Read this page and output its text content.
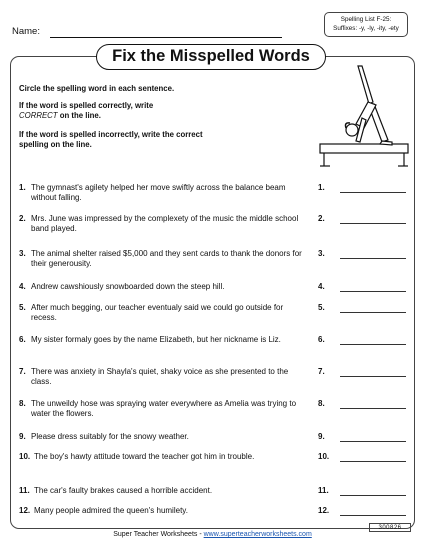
Name:
Spelling List F-25:
Suffixes: -y, -ly, -ity, -ety
Fix the Misspelled Words
Circle the spelling word in each sentence.
If the word is spelled correctly, write CORRECT on the line.
If the word is spelled incorrectly, write the correct spelling on the line.
1. The gymnast's agilety helped her move swiftly across the balance beam without falling.
1.
2. Mrs. June was impressed by the complexety of the music the middle school band played.
2.
3. The animal shelter raised $5,000 and they sent cards to thank the donors for their generousity.
3.
4. Andrew cawshiously snowboarded down the steep hill.	4.
5. After much begging, our teacher eventualy said we could go outside for recess.
5.
6. My sister formaly goes by the name Elizabeth, but her nickname is Liz.	6.
7. There was anxiety in Shayla's quiet, shaky voice as she presented to the class.
7.
8. The unweildy hose was spraying water everywhere as Amelia was trying to water the flowers.
8.
9. Please dress suitably for the snowy weather.	9.
10. The boy's hawty attitude toward the teacher got him in trouble.	10.
11. The car's faulty brakes caused a horrible accident.	11.
12. Many people admired the queen's humilety.	12.
300826
Super Teacher Worksheets - www.superteacherworksheets.com
